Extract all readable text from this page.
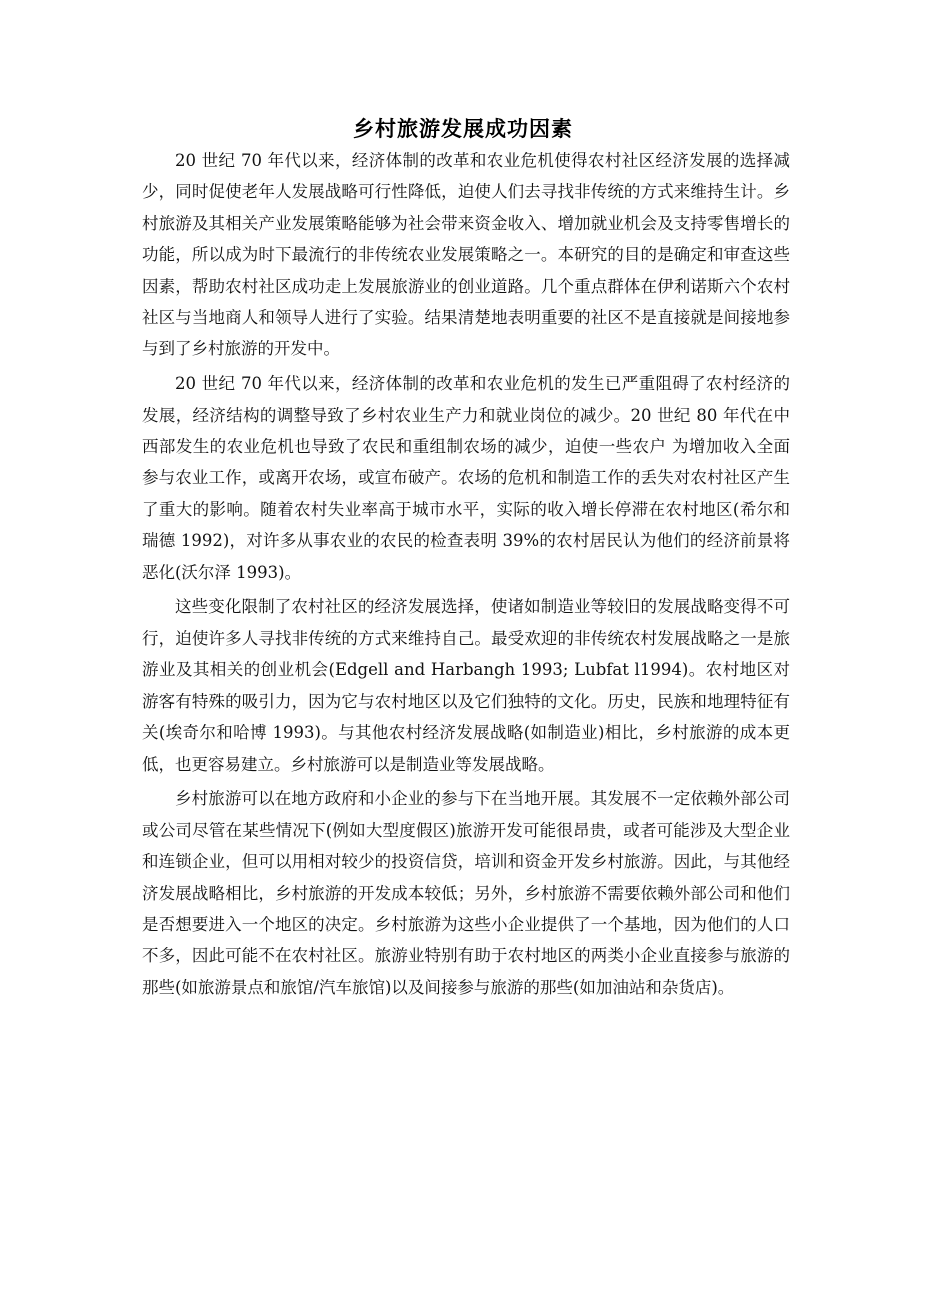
乡村旅游发展成功因素

20 世纪 70 年代以来，经济体制的改革和农业危机使得农村社区经济发展的选择减少，同时促使老年人发展战略可行性降低，迫使人们去寻找非传统的方式来维持生计。乡村旅游及其相关产业发展策略能够为社会带来资金收入、增加就业机会及支持零售增长的功能，所以成为时下最流行的非传统农业发展策略之一。本研究的目的是确定和审查这些因素，帮助农村社区成功走上发展旅游业的创业道路。几个重点群体在伊利诺斯六个农村社区与当地商人和领导人进行了实验。结果清楚地表明重要的社区不是直接就是间接地参与到了乡村旅游的开发中。

20 世纪 70 年代以来，经济体制的改革和农业危机的发生已严重阻碍了农村经济的发展，经济结构的调整导致了乡村农业生产力和就业岗位的减少。20 世纪 80 年代在中西部发生的农业危机也导致了农民和重组制农场的减少，迫使一些农户 为增加收入全面参与农业工作，或离开农场，或宣布破产。农场的危机和制造工作的丢失对农村社区产生了重大的影响。随着农村失业率高于城市水平，实际的收入增长停滞在农村地区(希尔和瑞德 1992)，对许多从事农业的农民的检查表明 39%的农村居民认为他们的经济前景将恶化(沃尔泽 1993)。

这些变化限制了农村社区的经济发展选择，使诸如制造业等较旧的发展战略变得不可行，迫使许多人寻找非传统的方式来维持自己。最受欢迎的非传统农村发展战略之一是旅游业及其相关的创业机会(Edgell and Harbangh 1993; Lubfat l1994)。农村地区对游客有特殊的吸引力，因为它与农村地区以及它们独特的文化。历史，民族和地理特征有关(埃奇尔和哈博 1993)。与其他农村经济发展战略(如制造业)相比，乡村旅游的成本更低，也更容易建立。乡村旅游可以是制造业等发展战略。

乡村旅游可以在地方政府和小企业的参与下在当地开展。其发展不一定依赖外部公司或公司尽管在某些情况下(例如大型度假区)旅游开发可能很昂贵，或者可能涉及大型企业和连锁企业，但可以用相对较少的投资信贷，培训和资金开发乡村旅游。因此，与其他经济发展战略相比，乡村旅游的开发成本较低；另外，乡村旅游不需要依赖外部公司和他们是否想要进入一个地区的决定。乡村旅游为这些小企业提供了一个基地，因为他们的人口不多，因此可能不在农村社区。旅游业特别有助于农村地区的两类小企业直接参与旅游的那些(如旅游景点和旅馆/汽车旅馆)以及间接参与旅游的那些(如加油站和杂货店)。
